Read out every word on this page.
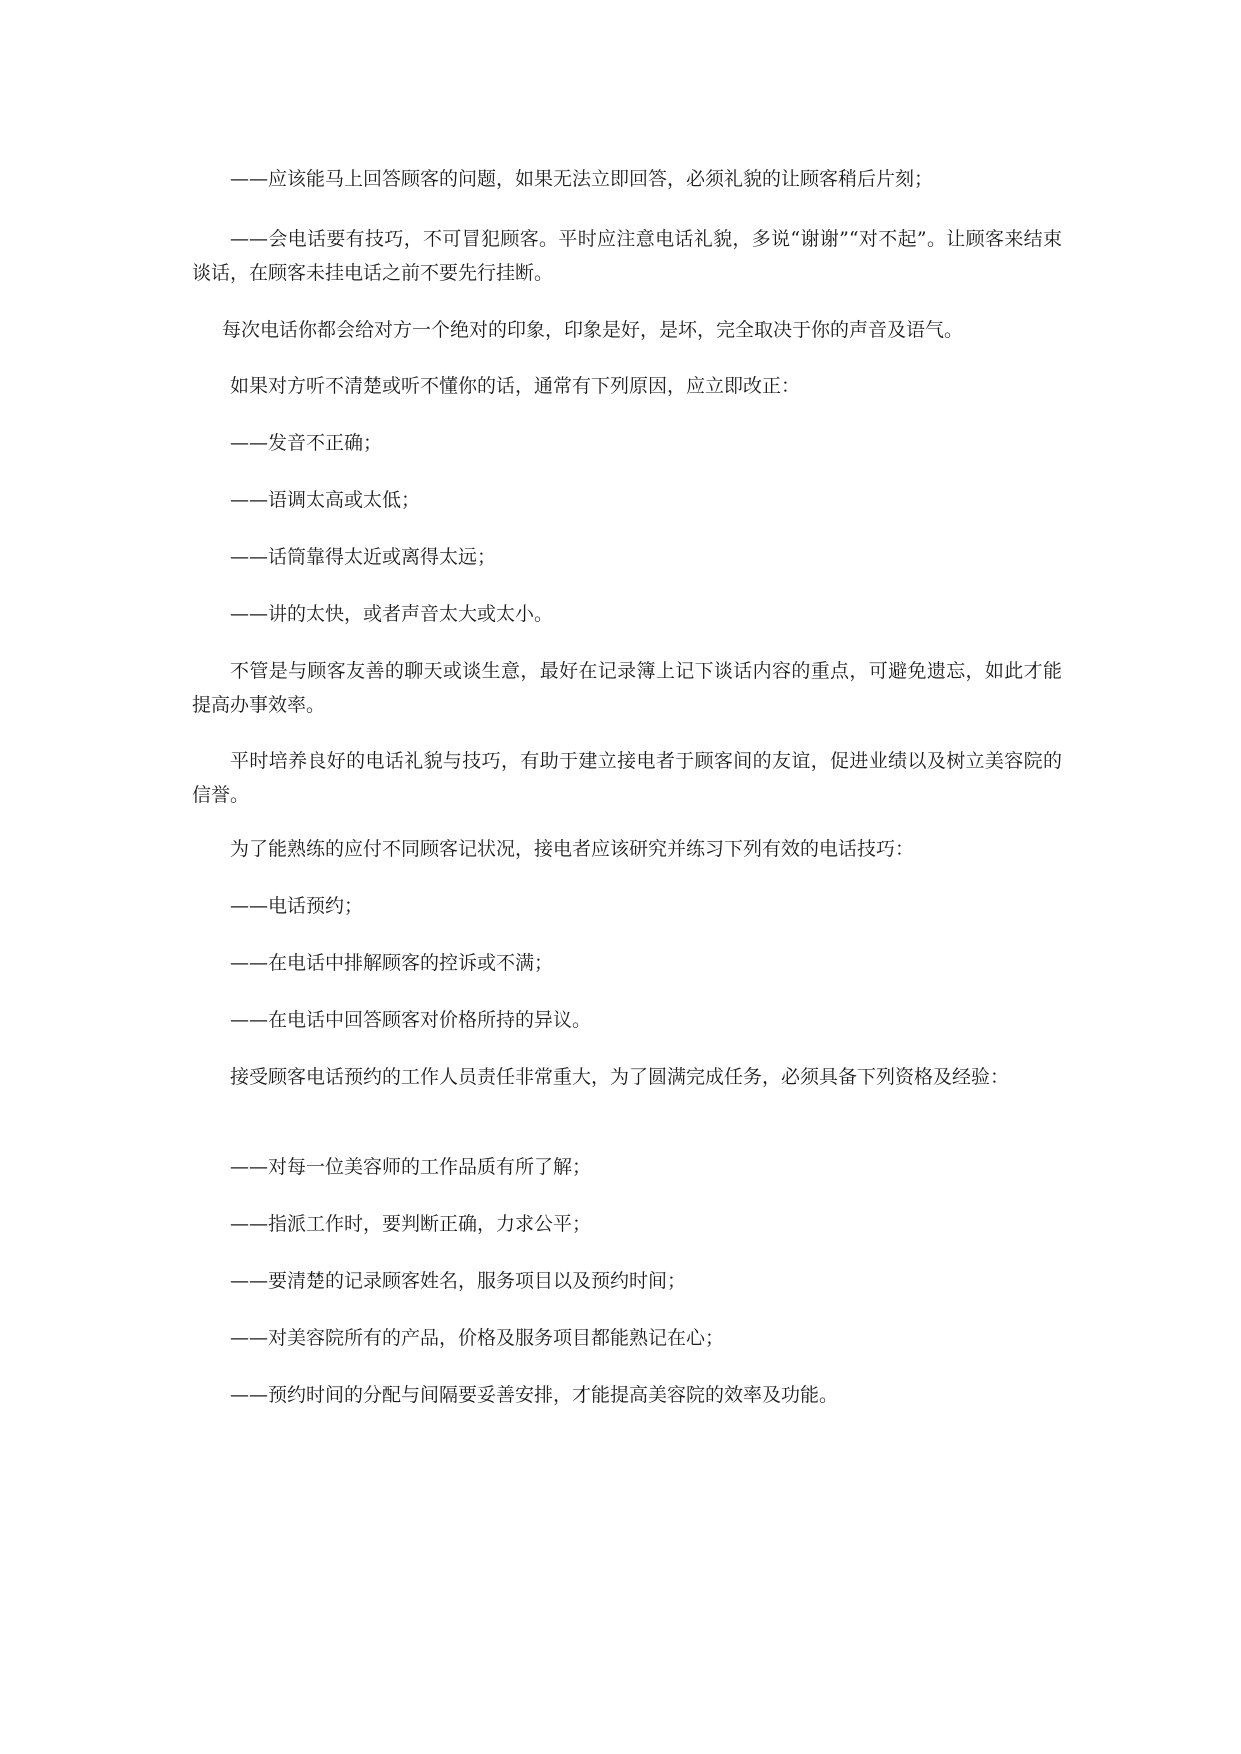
——应该能马上回答顾客的问题，如果无法立即回答，必须礼貌的让顾客稍后片刻；

——会电话要有技巧，不可冒犯顾客。平时应注意电话礼貌，多说“谢谢”“对不起”。让顾客来结束谈话，在顾客未挂电话之前不要先行挂断。

每次电话你都会给对方一个绝对的印象，印象是好，是坏，完全取决于你的声音及语气。

如果对方听不清楚或听不懂你的话，通常有下列原因，应立即改正：

——发音不正确；

——语调太高或太低；

——话筒靠得太近或离得太远；

——讲的太快，或者声音太大或太小。

不管是与顾客友善的聊天或谈生意，最好在记录簿上记下谈话内容的重点，可避免遗忘，如此才能提高办事效率。

平时培养良好的电话礼貌与技巧，有助于建立接电者于顾客间的友谊，促进业绩以及树立美容院的信誉。

为了能熟练的应付不同顾客记状况，接电者应该研究并练习下列有效的电话技巧：

——电话预约；

——在电话中排解顾客的控诉或不满；

——在电话中回答顾客对价格所持的异议。

接受顾客电话预约的工作人员责任非常重大，为了圆满完成任务，必须具备下列资格及经验：

——对每一位美容师的工作品质有所了解；

——指派工作时，要判断正确，力求公平；

——要清楚的记录顾客姓名，服务项目以及预约时间；

——对美容院所有的产品，价格及服务项目都能熟记在心；

——预约时间的分配与间隔要妥善安排，才能提高美容院的效率及功能。
